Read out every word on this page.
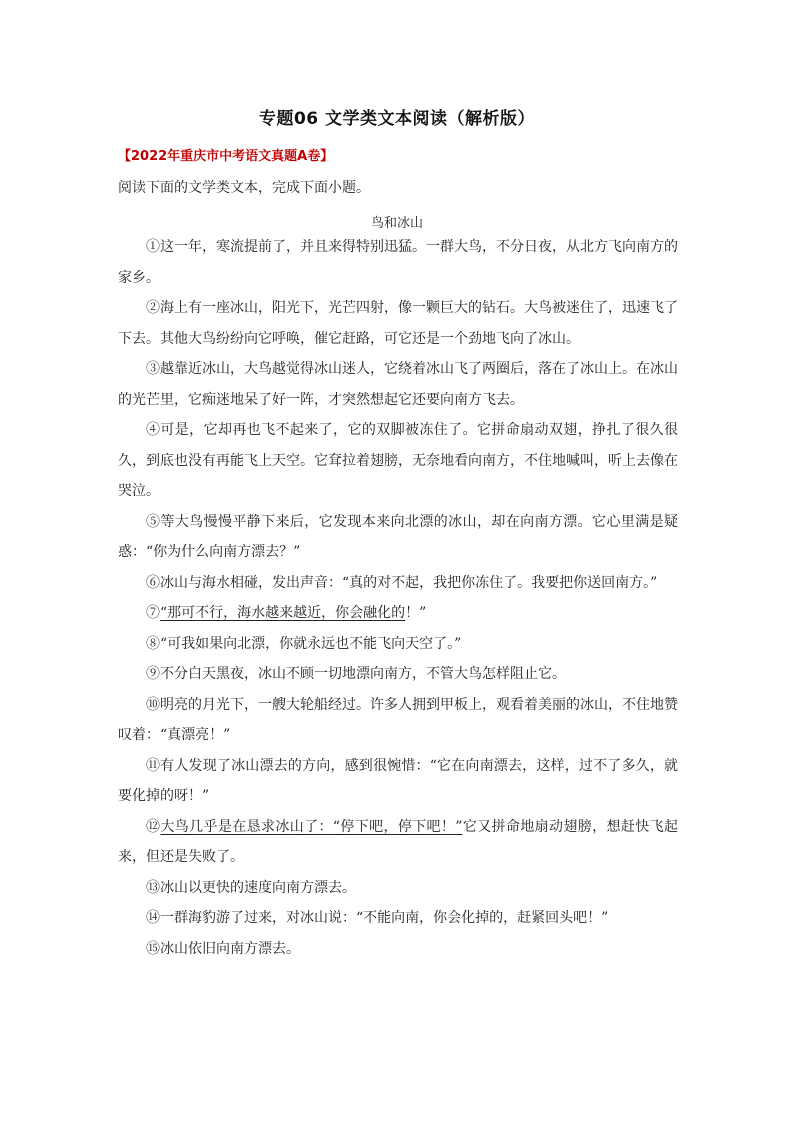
专题06 文学类文本阅读（解析版）
【2022年重庆市中考语文真题A卷】
阅读下面的文学类文本，完成下面小题。
鸟和冰山

①这一年，寒流提前了，并且来得特别迅猛。一群大鸟，不分日夜，从北方飞向南方的家乡。

②海上有一座冰山，阳光下，光芒四射，像一颗巨大的钻石。大鸟被迷住了，迅速飞了下去。其他大鸟纷纷向它呼唤，催它赶路，可它还是一个劲地飞向了冰山。

③越靠近冰山，大鸟越觉得冰山迷人，它绕着冰山飞了两圈后，落在了冰山上。在冰山的光芒里，它痴迷地呆了好一阵，才突然想起它还要向南方飞去。

④可是，它却再也飞不起来了，它的双脚被冻住了。它拼命扇动双翅，挣扎了很久很久，到底也没有再能飞上天空。它耷拉着翅膀，无奈地看向南方，不住地喊叫，听上去像在哭泣。

⑤等大鸟慢慢平静下来后，它发现本来向北漂的冰山，却在向南方漂。它心里满是疑惑：“你为什么向南方漂去？”

⑥冰山与海水相碰，发出声音：“真的对不起，我把你冻住了。我要把你送回南方。”

⑦“那可不行，海水越来越近，你会融化的！”

⑧“可我如果向北漂，你就永远也不能飞向天空了。”

⑨不分白天黑夜，冰山不顾一切地漂向南方，不管大鸟怎样阻止它。

⑩明亮的月光下，一艘大轮船经过。许多人拥到甲板上，观看着美丽的冰山，不住地赞叹着：“真漂亮！”

⑪有人发现了冰山漂去的方向，感到很惋惜：“它在向南漂去，这样，过不了多久，就要化掉的呀！”

⑫大鸟几乎是在恳求冰山了：“停下吧，停下吧！”它又拼命地扇动翅膀，想赶快飞起来，但还是失败了。

⑬冰山以更快的速度向南方漂去。

⑭一群海豹游了过来，对冰山说：“不能向南，你会化掉的，赶紧回头吧！”

⑮冰山依旧向南方漂去。
